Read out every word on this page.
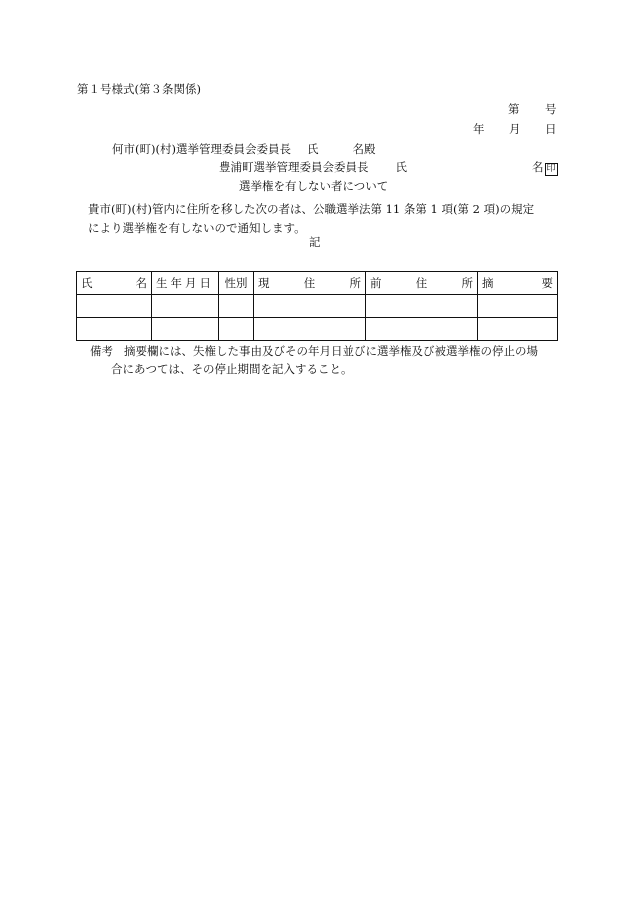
第１号様式(第３条関係)
第 号
年 月 日
何市(町)(村)選挙管理委員会委員長 氏	名殿
豊浦町選挙管理委員会委員長 氏	名 印
選挙権を有しない者について
貴市(町)(村)管内に住所を移した次の者は、公職選挙法第 11 条第 1 項(第 2 項)の規定
により選挙権を有しないので通知します。
記
氏 名	生年月日	性別	現 住 所	前 住 所	摘 要

備考 摘要欄には、失権した事由及びその年月日並びに選挙権及び被選挙権の停止の場
合にあつては、その停止期間を記入すること。
